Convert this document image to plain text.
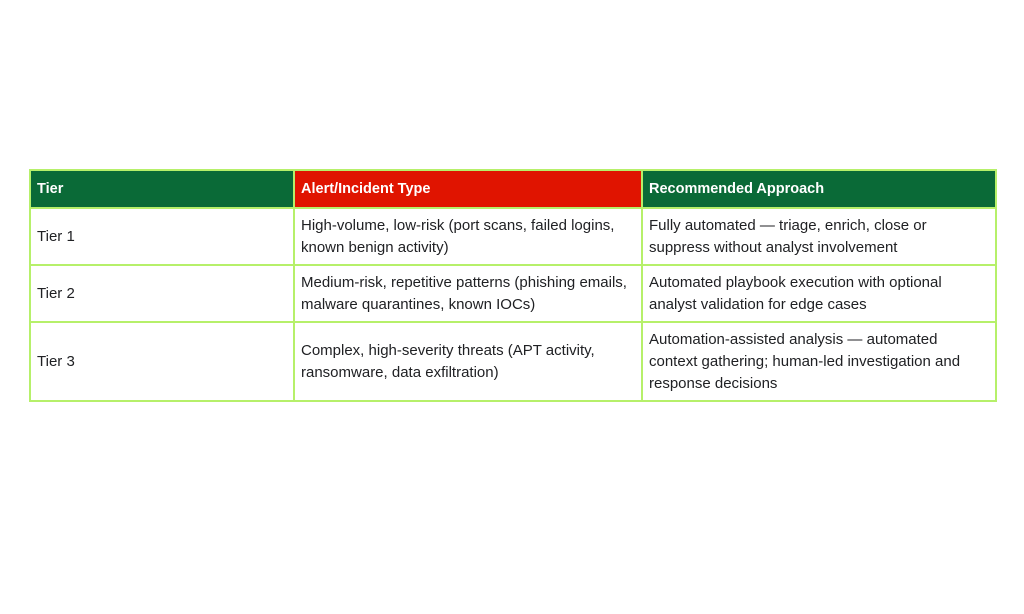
Tier	Alert/Incident Type	Recommended Approach
Tier 1	High-volume, low-risk (port scans, failed logins, known benign activity)	Fully automated — triage, enrich, close or suppress without analyst involvement
Tier 2	Medium-risk, repetitive patterns (phishing emails, malware quarantines, known IOCs)	Automated playbook execution with optional analyst validation for edge cases
Tier 3	Complex, high-severity threats (APT activity, ransomware, data exfiltration)	Automation-assisted analysis — automated context gathering; human-led investigation and response decisions
